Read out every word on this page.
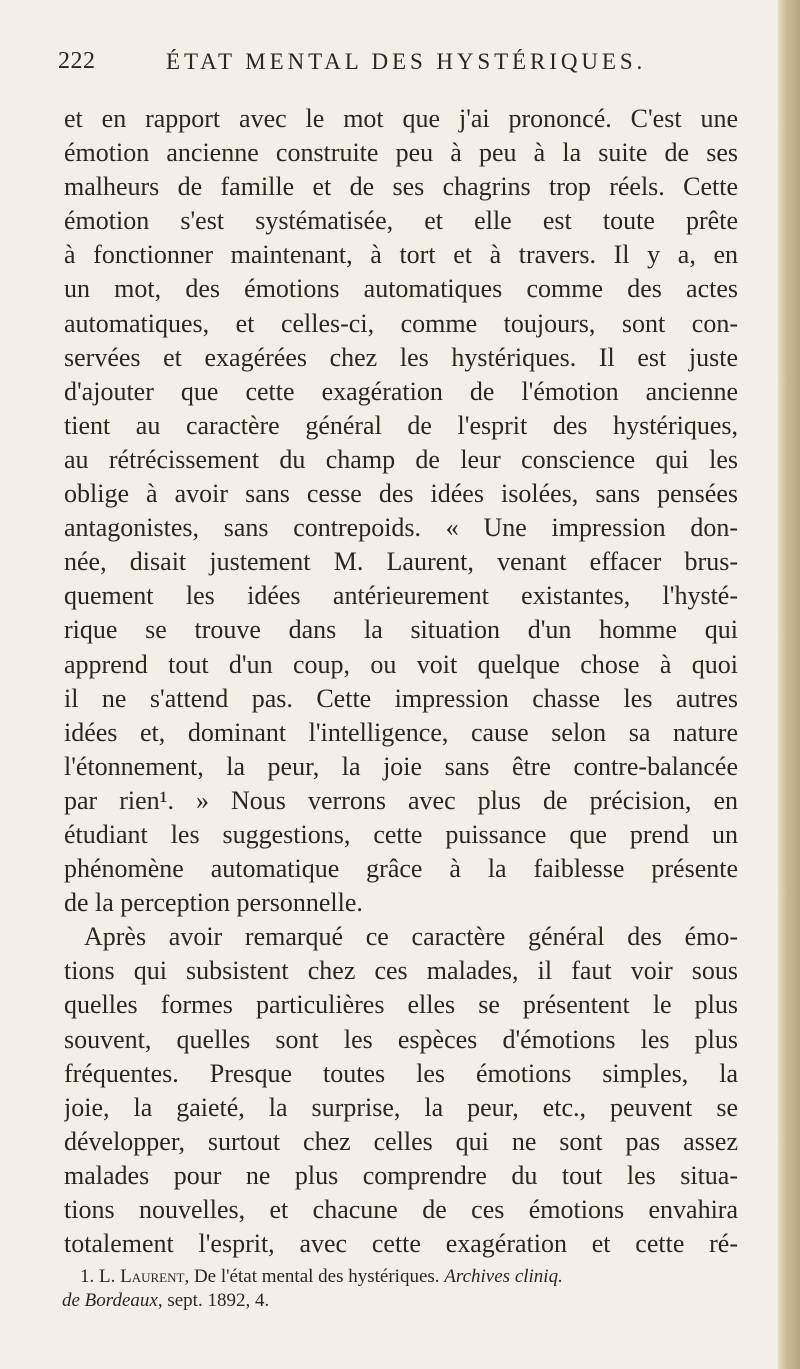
222	ÉTAT MENTAL DES HYSTÉRIQUES.
et en rapport avec le mot que j'ai prononcé. C'est une
émotion ancienne construite peu à peu à la suite de ses
malheurs de famille et de ses chagrins trop réels. Cette
émotion s'est systématisée, et elle est toute prête
à fonctionner maintenant, à tort et à travers. Il y a, en
un mot, des émotions automatiques comme des actes
automatiques, et celles-ci, comme toujours, sont con-
servées et exagérées chez les hystériques. Il est juste
d'ajouter que cette exagération de l'émotion ancienne
tient au caractère général de l'esprit des hystériques,
au rétrécissement du champ de leur conscience qui les
oblige à avoir sans cesse des idées isolées, sans pensées
antagonistes, sans contrepoids. « Une impression don-
née, disait justement M. Laurent, venant effacer brus-
quement les idées antérieurement existantes, l'hysté-
rique se trouve dans la situation d'un homme qui
apprend tout d'un coup, ou voit quelque chose à quoi
il ne s'attend pas. Cette impression chasse les autres
idées et, dominant l'intelligence, cause selon sa nature
l'étonnement, la peur, la joie sans être contre-balancée
par rien¹. » Nous verrons avec plus de précision, en
étudiant les suggestions, cette puissance que prend un
phénomène automatique grâce à la faiblesse présente
de la perception personnelle.
Après avoir remarqué ce caractère général des émo-
tions qui subsistent chez ces malades, il faut voir sous
quelles formes particulières elles se présentent le plus
souvent, quelles sont les espèces d'émotions les plus
fréquentes. Presque toutes les émotions simples, la
joie, la gaieté, la surprise, la peur, etc., peuvent se
développer, surtout chez celles qui ne sont pas assez
malades pour ne plus comprendre du tout les situa-
tions nouvelles, et chacune de ces émotions envahira
totalement l'esprit, avec cette exagération et cette ré-
1. L. Laurent, De l'état mental des hystériques. Archives cliniq.
de Bordeaux, sept. 1892, 4.
